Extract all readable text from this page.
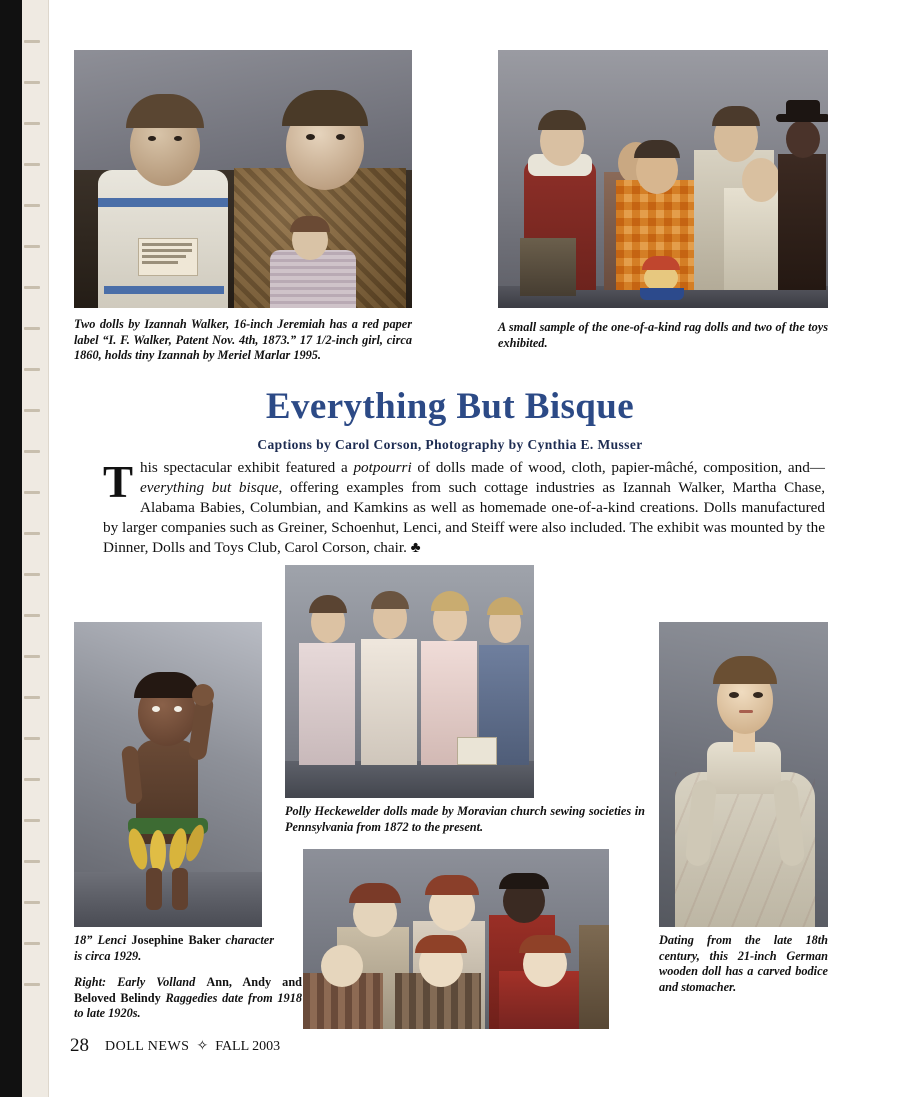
Two dolls by Izannah Walker, 16-inch Jeremiah has a red paper label “I. F. Walker, Patent Nov. 4th, 1873.” 17 1/2-inch girl, circa 1860, holds tiny Izannah by Meriel Marlar 1995.
A small sample of the one-of-a-kind rag dolls and two of the toys exhibited.
Everything But Bisque
Captions by Carol Corson, Photography by Cynthia E. Musser
This spectacular exhibit featured a potpourri of dolls made of wood, cloth, papier-mâché, composition, and—everything but bisque, offering examples from such cottage industries as Izannah Walker, Martha Chase, Alabama Babies, Columbian, and Kamkins as well as homemade one-of-a-kind creations. Dolls manufactured by larger companies such as Greiner, Schoenhut, Lenci, and Steiff were also included. The exhibit was mounted by the Dinner, Dolls and Toys Club, Carol Corson, chair. ♣
Polly Heckewelder dolls made by Moravian church sewing societies in Pennsylvania from 1872 to the present.
18” Lenci Josephine Baker character is circa 1929.
Right: Early Volland Ann, Andy and Beloved Belindy Raggedies date from 1918 to late 1920s.
Dating from the late 18th century, this 21-inch German wooden doll has a carved bodice and stomacher.
28 DOLL NEWS ✧ FALL 2003
